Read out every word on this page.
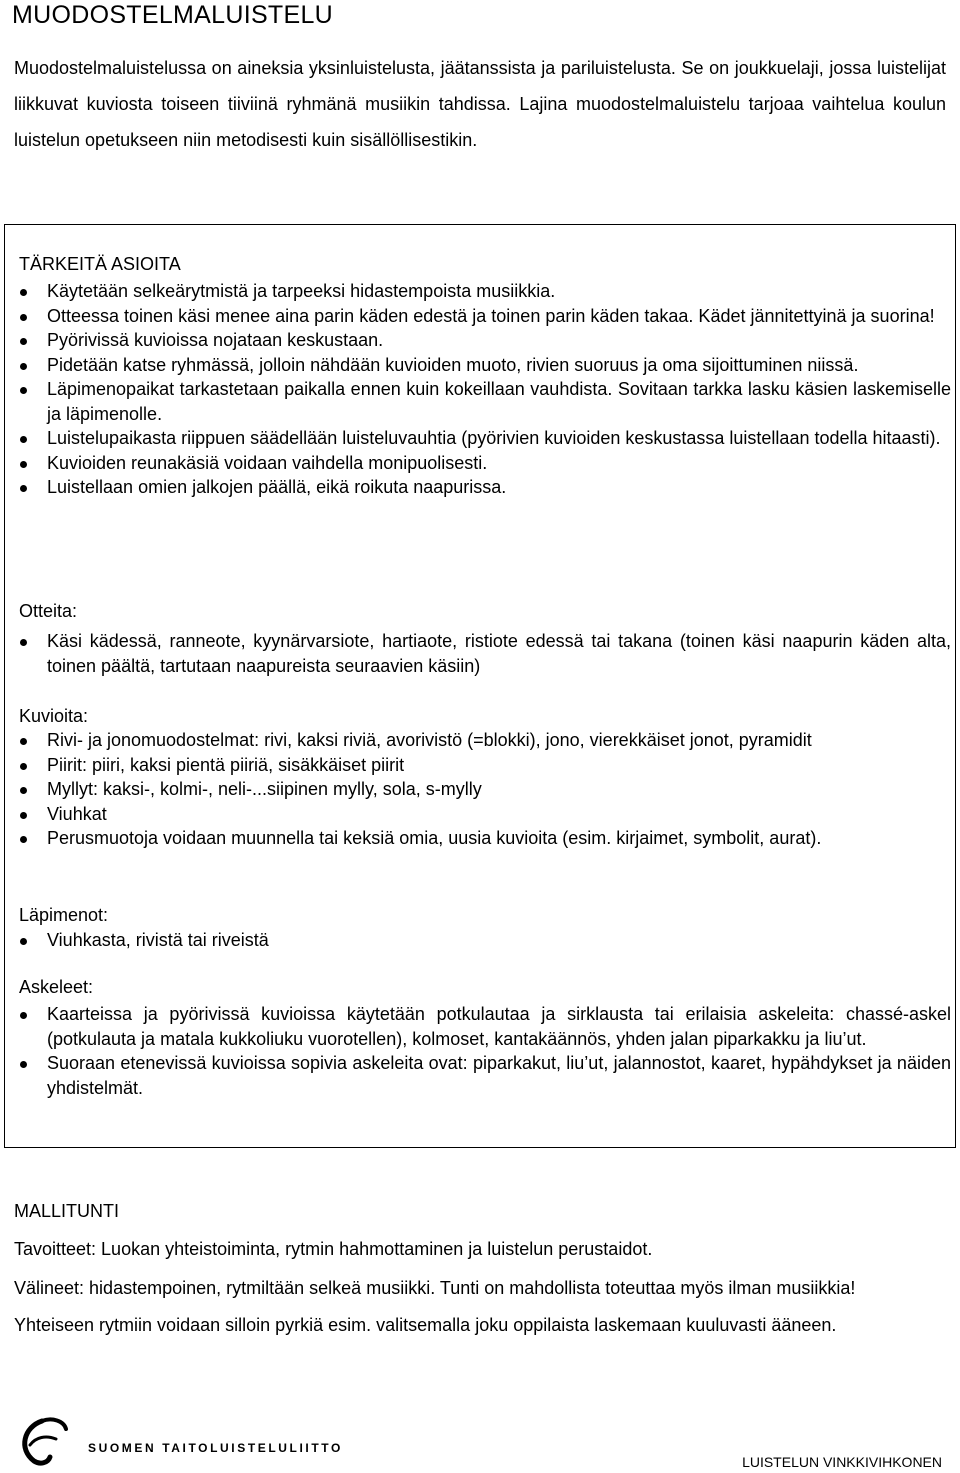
MUODOSTELMALUISTELU
Muodostelmaluistelussa on aineksia yksinluistelusta, jäätanssista ja pariluistelusta. Se on joukkuelaji, jossa luistelijat liikkuvat kuviosta toiseen tiiviinä ryhmänä musiikin tahdissa. Lajina muodostelmaluistelu tarjoaa vaihtelua koulun luistelun opetukseen niin metodisesti kuin sisällöllisestikin.
TÄRKEITÄ ASIOITA
Käytetään selkeärytmistä ja tarpeeksi hidastempoista musiikkia.
Otteessa toinen käsi menee aina parin käden edestä ja toinen parin käden takaa. Kädet jännitettyinä ja suorina!
Pyörivissä kuvioissa nojataan keskustaan.
Pidetään katse ryhmässä, jolloin nähdään kuvioiden muoto, rivien suoruus ja oma sijoittuminen niissä.
Läpimenopaikat tarkastetaan paikalla ennen kuin kokeillaan vauhdista. Sovitaan tarkka lasku käsien laskemiselle ja läpimenolle.
Luistelupaikasta riippuen säädellään luisteluvauhtia (pyörivien kuvioiden keskustassa luistellaan todella hitaasti).
Kuvioiden reunakäsiä voidaan vaihdella monipuolisesti.
Luistellaan omien jalkojen päällä, eikä roikuta naapurissa.
Otteita:
Käsi kädessä, ranneote, kyynärvarsiote, hartiaote, ristiote edessä tai takana (toinen käsi naapurin käden alta, toinen päältä, tartutaan naapureista seuraavien käsiin)
Kuvioita:
Rivi- ja jonomuodostelmat: rivi, kaksi riviä, avorivistö (=blokki), jono, vierekkäiset jonot, pyramidit
Piirit: piiri, kaksi pientä piiriä, sisäkkäiset piirit
Myllyt: kaksi-, kolmi-, neli-...siipinen mylly, sola, s-mylly
Viuhkat
Perusmuotoja voidaan muunnella tai keksiä omia, uusia kuvioita (esim. kirjaimet, symbolit, aurat).
Läpimenot:
Viuhkasta, rivistä tai riveistä
Askeleet:
Kaarteissa ja pyörivissä kuvioissa käytetään potkulautaa ja sirklausta tai erilaisia askeleita: chassé-askel (potkulauta ja matala kukkoliuku vuorotellen), kolmoset, kantakäännös, yhden jalan piparkakku ja liu’ut.
Suoraan etenevissä kuvioissa sopivia askeleita ovat: piparkakut, liu’ut, jalannostot, kaaret, hypähdykset ja näiden yhdistelmät.
MALLITUNTI
Tavoitteet: Luokan yhteistoiminta, rytmin hahmottaminen ja luistelun perustaidot.
Välineet: hidastempoinen, rytmiltään selkeä musiikki. Tunti on mahdollista toteuttaa myös ilman musiikkia! Yhteiseen rytmiin voidaan silloin pyrkiä esim. valitsemalla joku oppilaista laskemaan kuuluvasti ääneen.
SUOMEN TAITOLUISTELULIITTO
LUISTELUN VINKKIVIHKONEN
